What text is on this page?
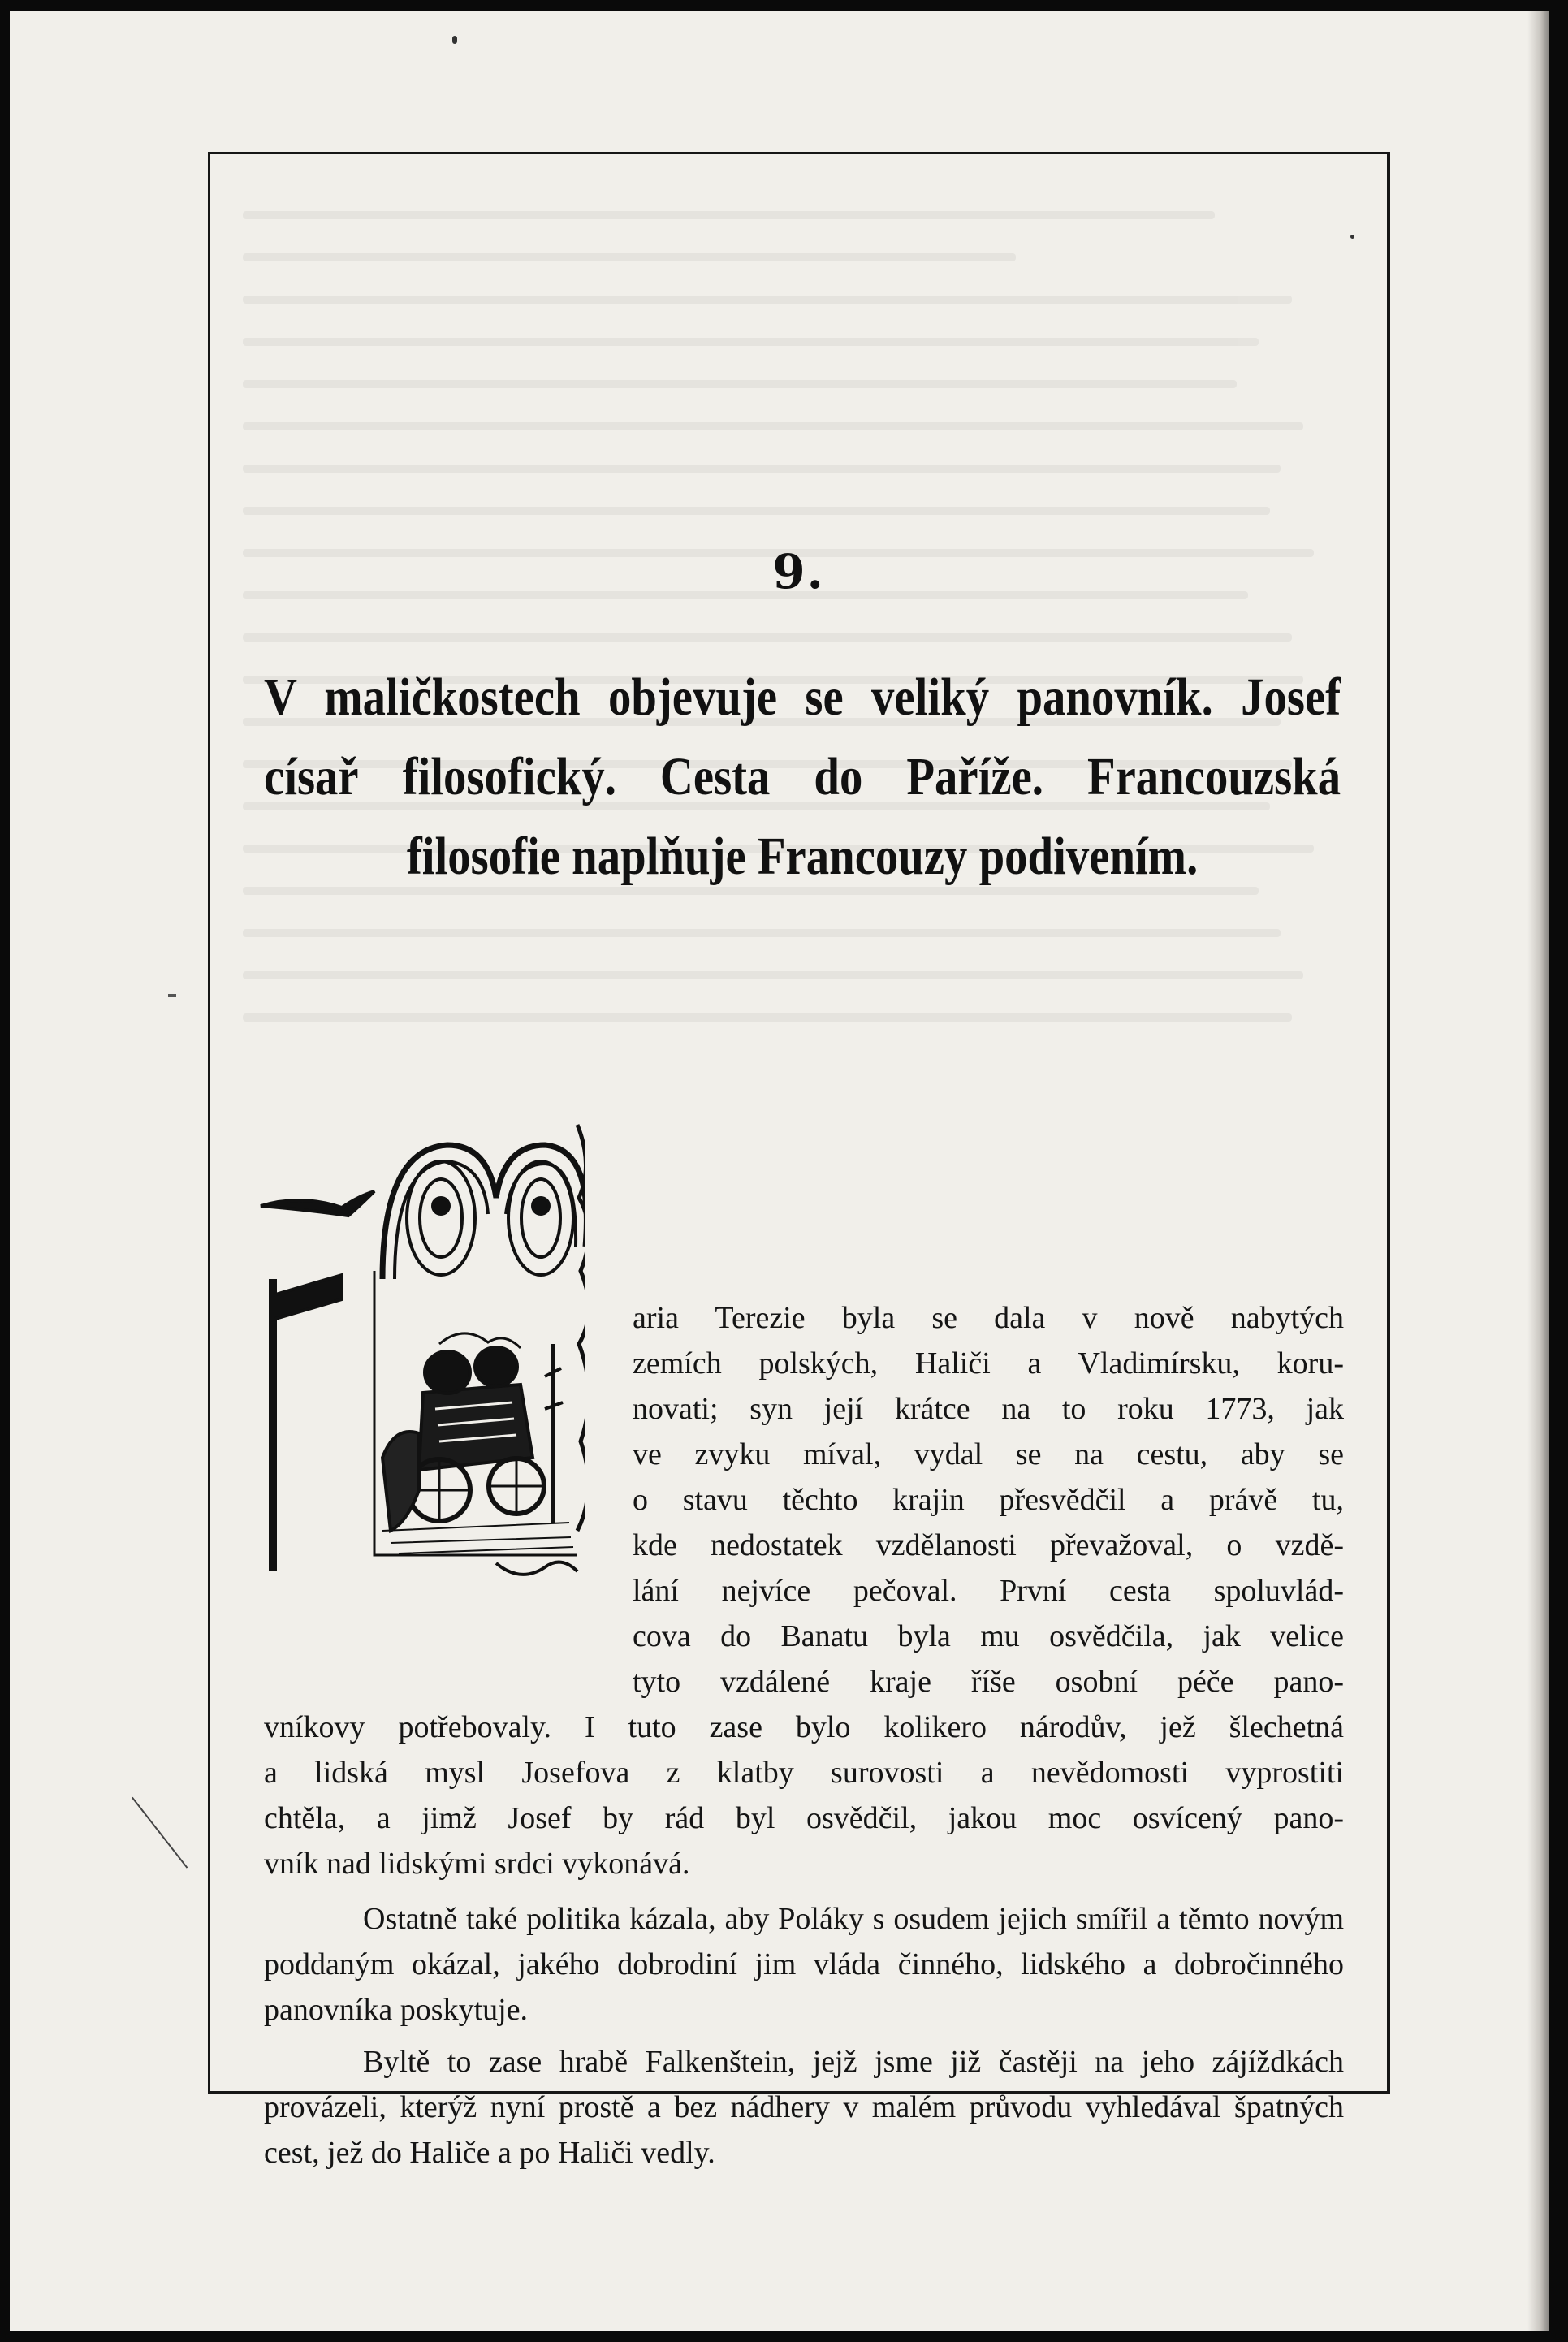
9.
V maličkostech objevuje se veliký panovník. Josef císař filosofický. Cesta do Paříže. Francouzská filosofie naplňuje Francouzy podivením.
aria Terezie byla se dala v nově nabytých
zemích polských, Haliči a Vladimírsku, koru-
novati; syn její krátce na to roku 1773, jak
ve zvyku míval, vydal se na cestu, aby se
o stavu těchto krajin přesvědčil a právě tu,
kde nedostatek vzdělanosti převažoval, o vzdě-
lání nejvíce pečoval. První cesta spoluvlád-
cova do Banatu byla mu osvědčila, jak velice
tyto vzdálené kraje říše osobní péče pano-
vníkovy potřebovaly. I tuto zase bylo kolikero národův, jež šlechetná
a lidská mysl Josefova z klatby surovosti a nevědomosti vyprostiti
chtěla, a jimž Josef by rád byl osvědčil, jakou moc osvícený pano-
vník nad lidskými srdci vykonává.
Ostatně také politika kázala, aby Poláky s osudem jejich smířil a těmto novým poddaným okázal, jakého dobrodiní jim vláda činného, lidského a dobročinného panovníka poskytuje.
Byltě to zase hrabě Falkenštein, jejž jsme již častěji na jeho zájíždkách provázeli, kterýž nyní prostě a bez nádhery v malém průvodu vyhledával špatných cest, jež do Haliče a po Haliči vedly.
